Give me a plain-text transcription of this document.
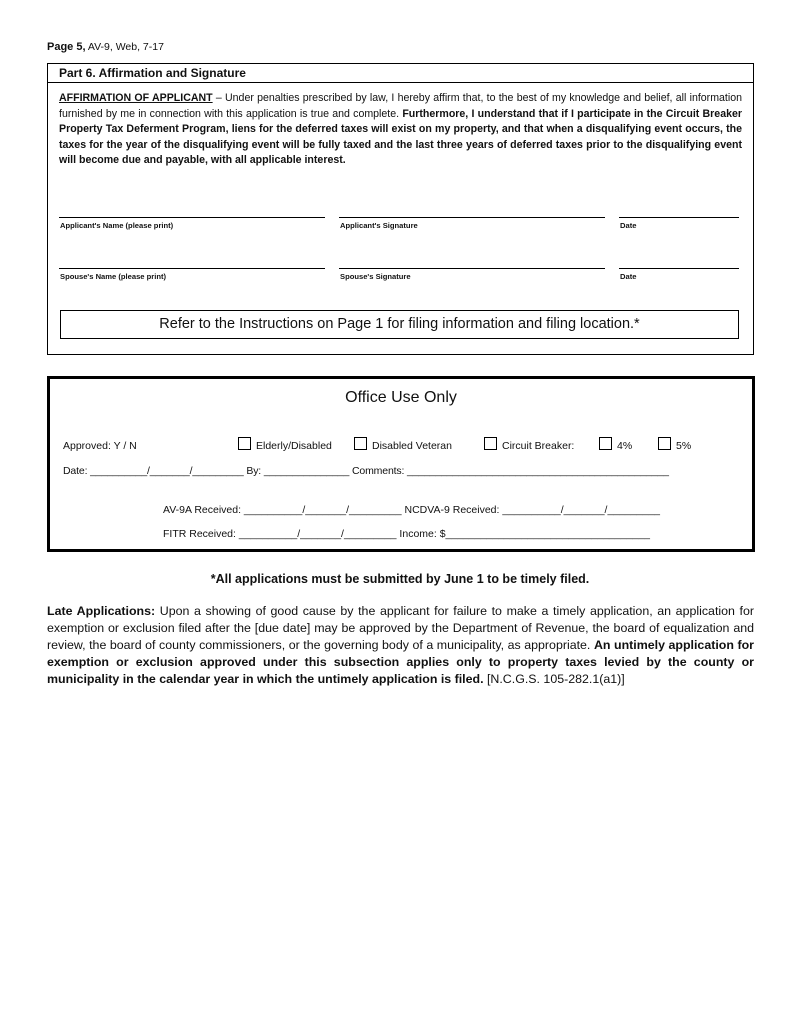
Page 5, AV-9, Web, 7-17
Part 6. Affirmation and Signature
AFFIRMATION OF APPLICANT – Under penalties prescribed by law, I hereby affirm that, to the best of my knowledge and belief, all information furnished by me in connection with this application is true and complete. Furthermore, I understand that if I participate in the Circuit Breaker Property Tax Deferment Program, liens for the deferred taxes will exist on my property, and that when a disqualifying event occurs, the taxes for the year of the disqualifying event will be fully taxed and the last three years of deferred taxes prior to the disqualifying event will become due and payable, with all applicable interest.
Applicant's Name (please print)	Applicant's Signature	Date
Spouse's Name (please print)	Spouse's Signature	Date
Refer to the Instructions on Page 1 for filing information and filing location.*
Office Use Only
Approved: Y / N	Elderly/Disabled	Disabled Veteran	Circuit Breaker:	4%	5%
Date: __________/_______/_________ By: _______________ Comments: ______________________________________________
AV-9A Received: __________/_______/_________ NCDVA-9 Received: __________/_______/_________
FITR Received: __________/_______/_________ Income: $___________________________________
*All applications must be submitted by June 1 to be timely filed.
Late Applications: Upon a showing of good cause by the applicant for failure to make a timely application, an application for exemption or exclusion filed after the [due date] may be approved by the Department of Revenue, the board of equalization and review, the board of county commissioners, or the governing body of a municipality, as appropriate. An untimely application for exemption or exclusion approved under this subsection applies only to property taxes levied by the county or municipality in the calendar year in which the untimely application is filed. [N.C.G.S. 105-282.1(a1)]
